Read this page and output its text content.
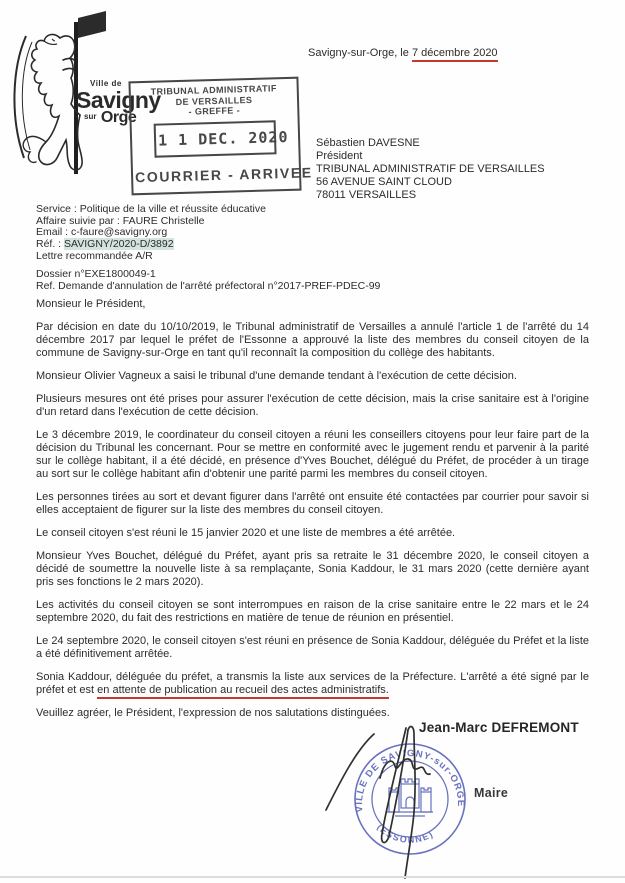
Ville de
Savigny
sur Orge
TRIBUNAL ADMINISTRATIF
DE VERSAILLES
- GREFFE -
1 1 DEC. 2020
COURRIER - ARRIVEE
Savigny-sur-Orge, le 7 décembre 2020
Sébastien DAVESNE
Président
TRIBUNAL ADMINISTRATIF DE VERSAILLES
56 AVENUE SAINT CLOUD
78011 VERSAILLES
Service : Politique de la ville et réussite éducative
Affaire suivie par : FAURE Christelle
Email : c-faure@savigny.org
Réf. : SAVIGNY/2020-D/3892
Lettre recommandée A/R
Dossier n°EXE1800049-1
Ref. Demande d'annulation de l'arrêté préfectoral n°2017-PREF-PDEC-99

Monsieur le Président,

Par décision en date du 10/10/2019, le Tribunal administratif de Versailles a annulé l'article 1 de l'arrêté du 14 décembre 2017 par lequel le préfet de l'Essonne a approuvé la liste des membres du conseil citoyen de la commune de Savigny-sur-Orge en tant qu'il reconnaît la composition du collège des habitants.

Monsieur Olivier Vagneux a saisi le tribunal d'une demande tendant à l'exécution de cette décision.

Plusieurs mesures ont été prises pour assurer l'exécution de cette décision, mais la crise sanitaire est à l'origine d'un retard dans l'exécution de cette décision.

Le 3 décembre 2019, le coordinateur du conseil citoyen a réuni les conseillers citoyens pour leur faire part de la décision du Tribunal les concernant. Pour se mettre en conformité avec le jugement rendu et parvenir à la parité sur le collège habitant, il a été décidé, en présence d'Yves Bouchet, délégué du Préfet, de procéder à un tirage au sort sur le collège habitant afin d'obtenir une parité parmi les membres du conseil citoyen.

Les personnes tirées au sort et devant figurer dans l'arrêté ont ensuite été contactées par courrier pour savoir si elles acceptaient de figurer sur la liste des membres du conseil citoyen.

Le conseil citoyen s'est réuni le 15 janvier 2020 et une liste de membres a été arrêtée.

Monsieur Yves Bouchet, délégué du Préfet, ayant pris sa retraite le 31 décembre 2020, le conseil citoyen a décidé de soumettre la nouvelle liste à sa remplaçante, Sonia Kaddour, le 31 mars 2020 (cette dernière ayant pris ses fonctions le 2 mars 2020).

Les activités du conseil citoyen se sont interrompues en raison de la crise sanitaire entre le 22 mars et le 24 septembre 2020, du fait des restrictions en matière de tenue de réunion en présentiel.

Le 24 septembre 2020, le conseil citoyen s'est réuni en présence de Sonia Kaddour, déléguée du Préfet et la liste a été définitivement arrêtée.

Sonia Kaddour, déléguée du préfet, a transmis la liste aux services de la Préfecture. L'arrêté a été signé par le préfet et est en attente de publication au recueil des actes administratifs.

Veuillez agréer, le Président, l'expression de nos salutations distinguées.

Jean-Marc DEFREMONT
Maire
VILLE DE SAVIGNY-sur-ORGE
(ESSONNE)
